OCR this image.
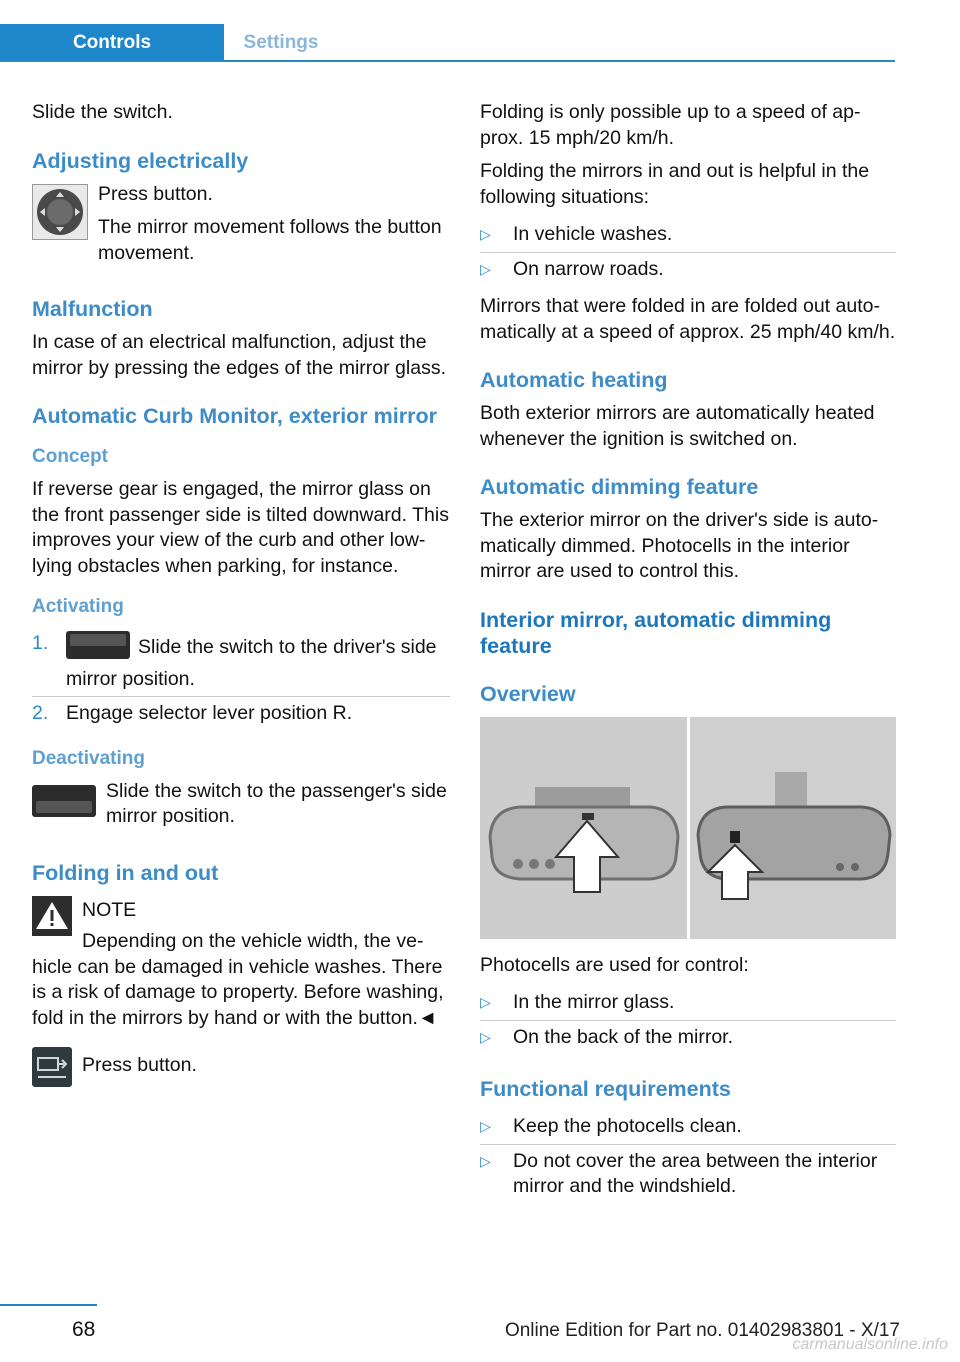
Controls	Settings

Slide the switch.

Adjusting electrically

Press button.

The mirror movement follows the button movement.

Malfunction

In case of an electrical malfunction, adjust the mirror by pressing the edges of the mirror glass.

Automatic Curb Monitor, exterior mirror
Concept

If reverse gear is engaged, the mirror glass on the front passenger side is tilted downward. This improves your view of the curb and other low-lying obstacles when parking, for instance.

Activating
1.	Slide the switch to the driver's side mirror position.
2. Engage selector lever position R.
Deactivating

Slide the switch to the passenger's side mirror position.

Folding in and out

NOTE

Depending on the vehicle width, the vehicle can be damaged in vehicle washes. There is a risk of damage to property. Before washing, fold in the mirrors by hand or with the button.◄

Press button.

Folding is only possible up to a speed of approx. 15 mph/20 km/h.

Folding the mirrors in and out is helpful in the following situations:

▷ In vehicle washes.
▷ On narrow roads.

Mirrors that were folded in are folded out automatically at a speed of approx. 25 mph/40 km/h.

Automatic heating

Both exterior mirrors are automatically heated whenever the ignition is switched on.

Automatic dimming feature

The exterior mirror on the driver's side is automatically dimmed. Photocells in the interior mirror are used to control this.

Interior mirror, automatic dimming feature
Overview

Photocells are used for control:

▷ In the mirror glass.
▷ On the back of the mirror.
Functional requirements
▷ Keep the photocells clean.
▷ Do not cover the area between the interior mirror and the windshield.
68	Online Edition for Part no. 01402983801 - X/17
carmanualsonline.info
